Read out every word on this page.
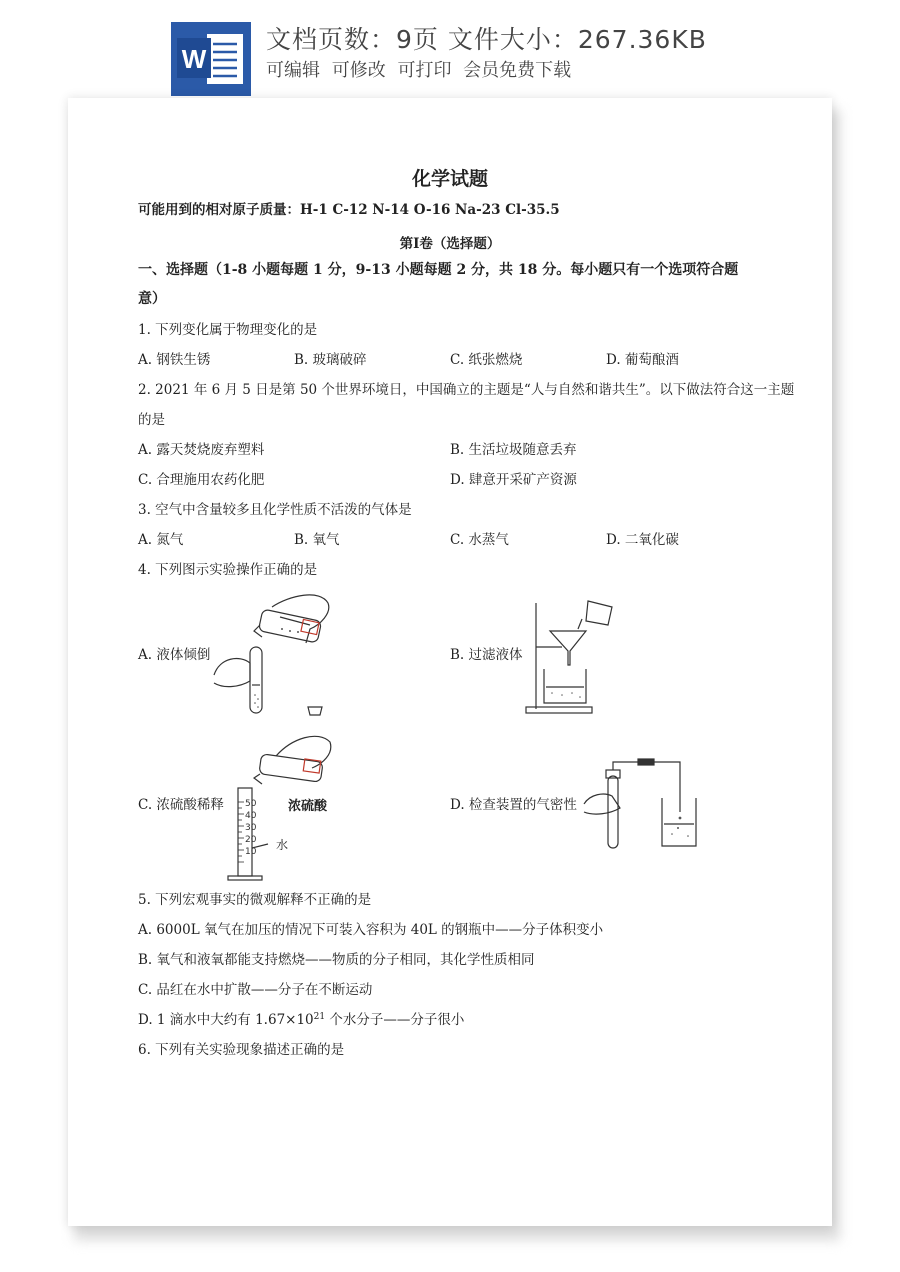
W
文档页数：9页 文件大小：267.36KB
可编辑 可修改 可打印 会员免费下载
化学试题
可能用到的相对原子质量：H-1 C-12 N-14 O-16 Na-23 Cl-35.5
第Ⅰ卷（选择题）
一、选择题（1-8 小题每题 1 分，9-13 小题每题 2 分，共 18 分。每小题只有一个选项符合题
意）
1. 下列变化属于物理变化的是
A. 钢铁生锈	B. 玻璃破碎	C. 纸张燃烧	D. 葡萄酿酒
2. 2021 年 6 月 5 日是第 50 个世界环境日，中国确立的主题是“人与自然和谐共生”。以下做法符合这一主题
的是
A. 露天焚烧废弃塑料	B. 生活垃圾随意丢弃
C. 合理施用农药化肥	D. 肆意开采矿产资源
3. 空气中含量较多且化学性质不活泼的气体是
A. 氮气	B. 氧气	C. 水蒸气	D. 二氧化碳
4. 下列图示实验操作正确的是
A. 液体倾倒	B. 过滤液体
C. 浓硫酸稀释	D. 检查装置的气密性
50
40
30
20
10
浓硫酸
水
5. 下列宏观事实的微观解释不正确的是
A. 6000L 氧气在加压的情况下可装入容积为 40L 的钢瓶中——分子体积变小
B. 氧气和液氧都能支持燃烧——物质的分子相同，其化学性质相同
C. 品红在水中扩散——分子在不断运动
D. 1 滴水中大约有 $1.67\times 10^{21}$ 个水分子——分子很小
6. 下列有关实验现象描述正确的是
